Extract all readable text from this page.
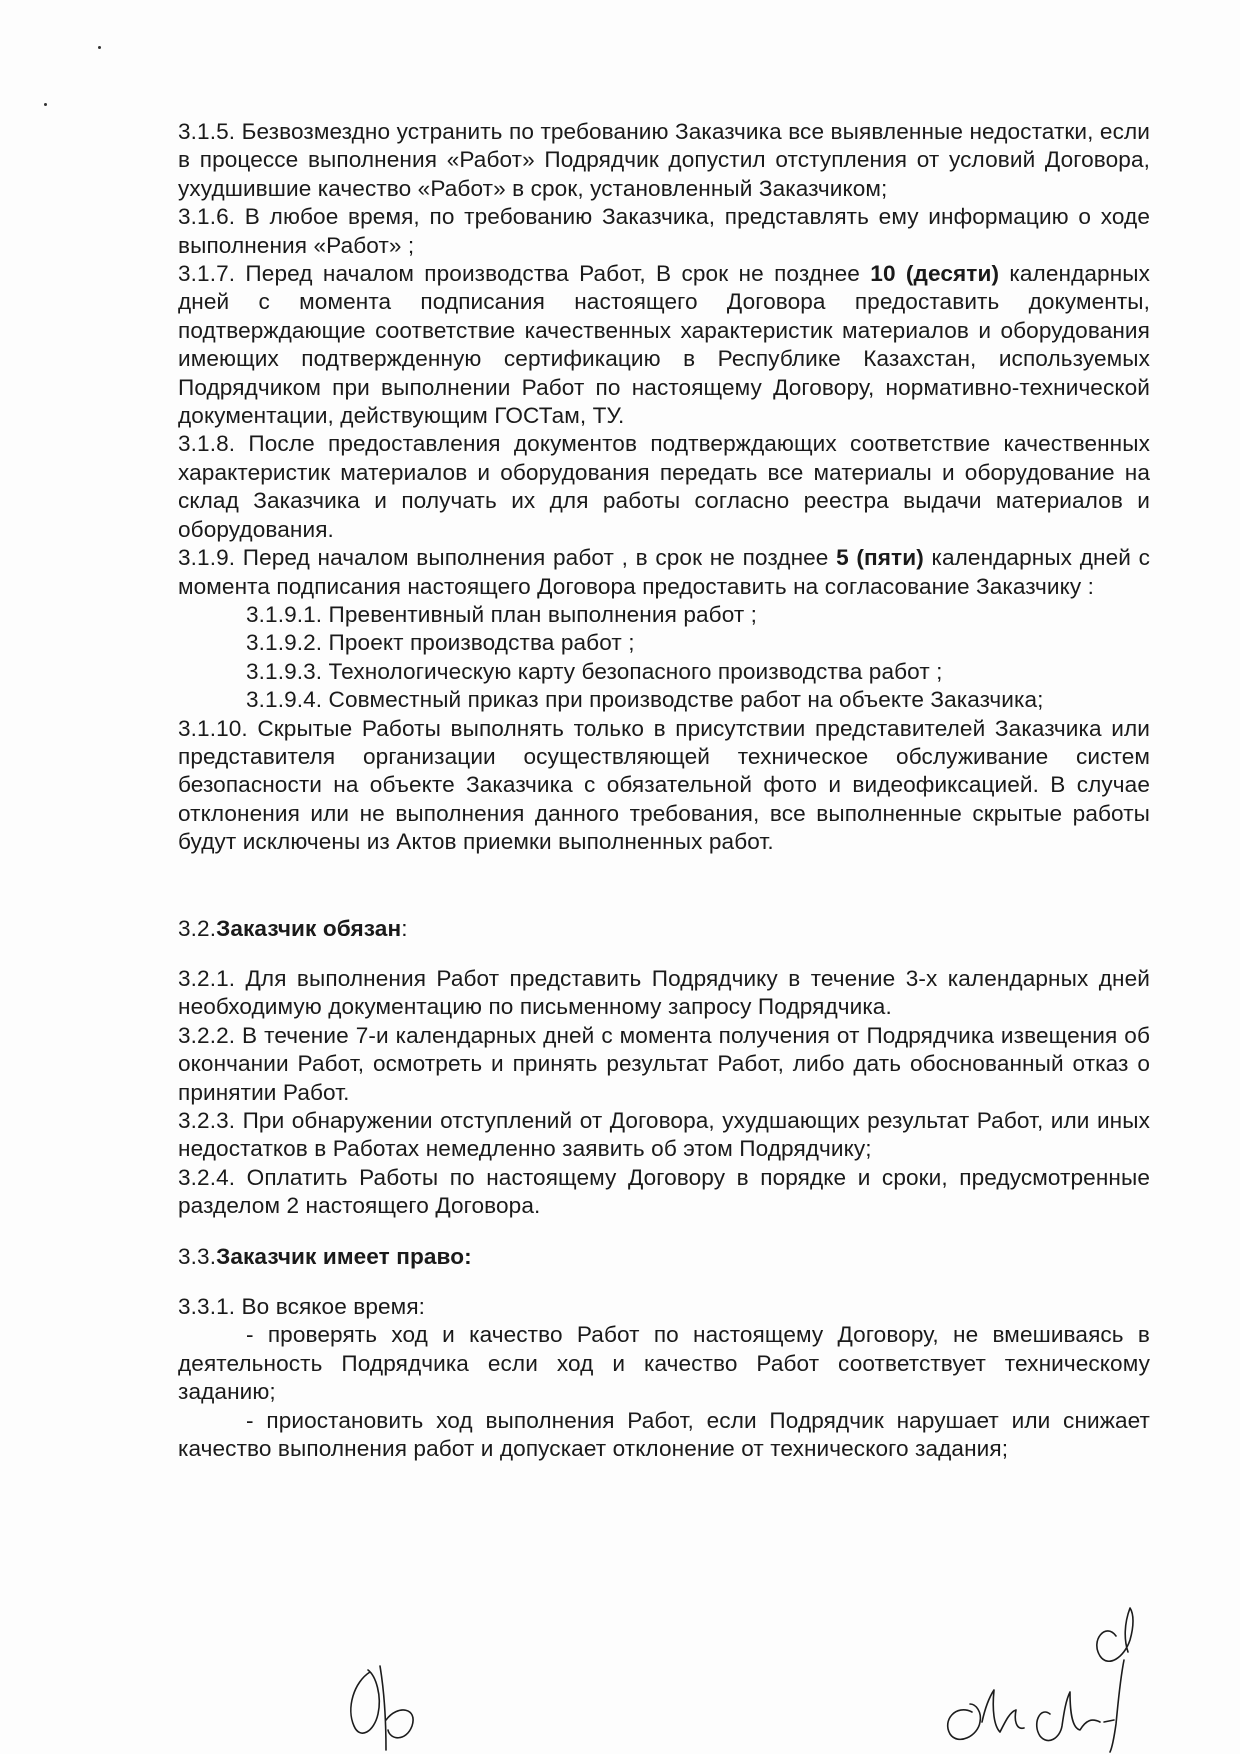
3.1.5. Безвозмездно устранить по требованию Заказчика все выявленные недостатки, если в процессе выполнения «Работ» Подрядчик допустил отступления от условий Договора, ухудшившие качество «Работ» в срок, установленный Заказчиком;

3.1.6. В любое время, по требованию Заказчика, представлять ему информацию о ходе выполнения «Работ» ;

3.1.7. Перед началом производства Работ, В срок не позднее 10 (десяти) календарных дней с момента подписания настоящего Договора предоставить документы, подтверждающие соответствие качественных характеристик материалов и оборудования имеющих подтвержденную сертификацию в Республике Казахстан, используемых Подрядчиком при выполнении Работ по настоящему Договору, нормативно-технической документации, действующим ГОСТам, ТУ.

3.1.8. После предоставления документов подтверждающих соответствие качественных характеристик материалов и оборудования передать все материалы и оборудование на склад Заказчика и получать их для работы согласно реестра выдачи материалов и оборудования.

3.1.9. Перед началом выполнения работ , в срок не позднее 5 (пяти) календарных дней с момента подписания настоящего Договора предоставить на согласование Заказчику :

3.1.9.1. Превентивный план выполнения работ ;

3.1.9.2. Проект производства работ ;

3.1.9.3. Технологическую карту безопасного производства работ ;

3.1.9.4. Совместный приказ при производстве работ на объекте Заказчика;

3.1.10. Скрытые Работы выполнять только в присутствии представителей Заказчика или представителя организации осуществляющей техническое обслуживание систем безопасности на объекте Заказчика с обязательной фото и видеофиксацией. В случае отклонения или не выполнения данного требования, все выполненные скрытые работы будут исключены из Актов приемки выполненных работ.

3.2.Заказчик обязан:

3.2.1. Для выполнения Работ представить Подрядчику в течение 3-х календарных дней необходимую документацию по письменному запросу Подрядчика.

3.2.2. В течение 7-и календарных дней с момента получения от Подрядчика извещения об окончании Работ, осмотреть и принять результат Работ, либо дать обоснованный отказ о принятии Работ.

3.2.3. При обнаружении отступлений от Договора, ухудшающих результат Работ, или иных недостатков в Работах немедленно заявить об этом Подрядчику;

3.2.4. Оплатить Работы по настоящему Договору в порядке и сроки, предусмотренные разделом 2 настоящего Договора.

3.3.Заказчик имеет право:

3.3.1. Во всякое время:

- проверять ход и качество Работ по настоящему Договору, не вмешиваясь в деятельность Подрядчика если ход и качество Работ соответствует техническому заданию;

- приостановить ход выполнения Работ, если Подрядчик нарушает или снижает качество выполнения работ и допускает отклонение от технического задания;
